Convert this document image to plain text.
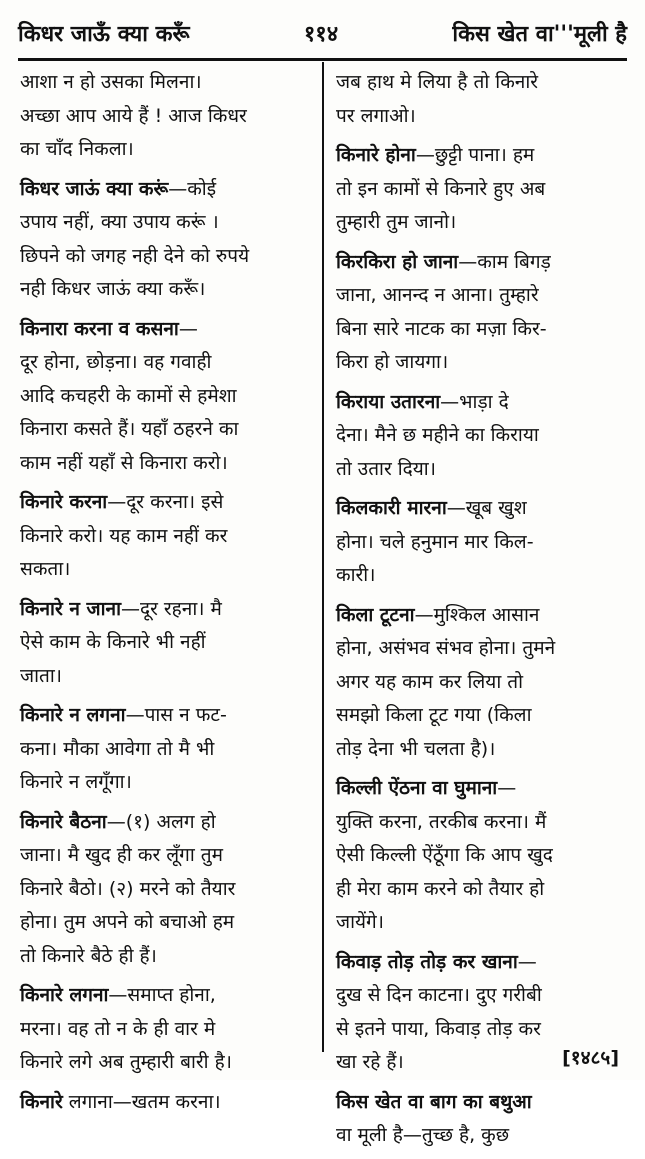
किधर जाऊँ क्या करूँ	११४	किस खेत वा'''मूली है
आशा न हो उसका मिलना।
अच्छा आप आये हैं ! आज किधर
का चाँद निकला।
किधर जाऊं क्या करूं—कोई
उपाय नहीं, क्या उपाय करूं ।
छिपने को जगह नही देने को रुपये
नही किधर जाऊं क्या करूँ।
किनारा करना व कसना—
दूर होना, छोड़ना। वह गवाही
आदि कचहरी के कामों से हमेशा
किनारा कसते हैं। यहाँ ठहरने का
काम नहीं यहाँ से किनारा करो।
किनारे करना—दूर करना। इसे
किनारे करो। यह काम नहीं कर
सकता।
किनारे न जाना—दूर रहना। मै
ऐसे काम के किनारे भी नहीं
जाता।
किनारे न लगना—पास न फट-
कना। मौका आवेगा तो मै भी
किनारे न लगूँगा।
किनारे बैठना—(१) अलग हो
जाना। मै खुद ही कर लूँगा तुम
किनारे बैठो। (२) मरने को तैयार
होना। तुम अपने को बचाओ हम
तो किनारे बैठे ही हैं।
किनारे लगना—समाप्त होना,
मरना। वह तो न के ही वार मे
किनारे लगे अब तुम्हारी बारी है।
किनारे लगाना—खतम करना।
जब हाथ मे लिया है तो किनारे
पर लगाओ।
किनारे होना—छुट्टी पाना। हम
तो इन कामों से किनारे हुए अब
तुम्हारी तुम जानो।
किरकिरा हो जाना—काम बिगड़
जाना, आनन्द न आना। तुम्हारे
बिना सारे नाटक का मज़ा किर-
किरा हो जायगा।
किराया उतारना—भाड़ा दे
देना। मैने छ महीने का किराया
तो उतार दिया।
किलकारी मारना—खूब खुश
होना। चले हनुमान मार किल-
कारी।
किला टूटना—मुश्किल आसान
होना, असंभव संभव होना। तुमने
अगर यह काम कर लिया तो
समझो किला टूट गया (किला
तोड़ देना भी चलता है)।
किल्ली ऐंठना वा घुमाना—
युक्ति करना, तरकीब करना। मैं
ऐसी किल्ली ऐंठूँगा कि आप खुद
ही मेरा काम करने को तैयार हो
जायेंगे।
किवाड़ तोड़ तोड़ कर खाना—
दुख से दिन काटना। दुए गरीबी
से इतने पाया, किवाड़ तोड़ कर
खा रहे हैं।
किस खेत वा बाग का बथुआ
वा मूली है—तुच्छ है, कुछ
[१४८५]
